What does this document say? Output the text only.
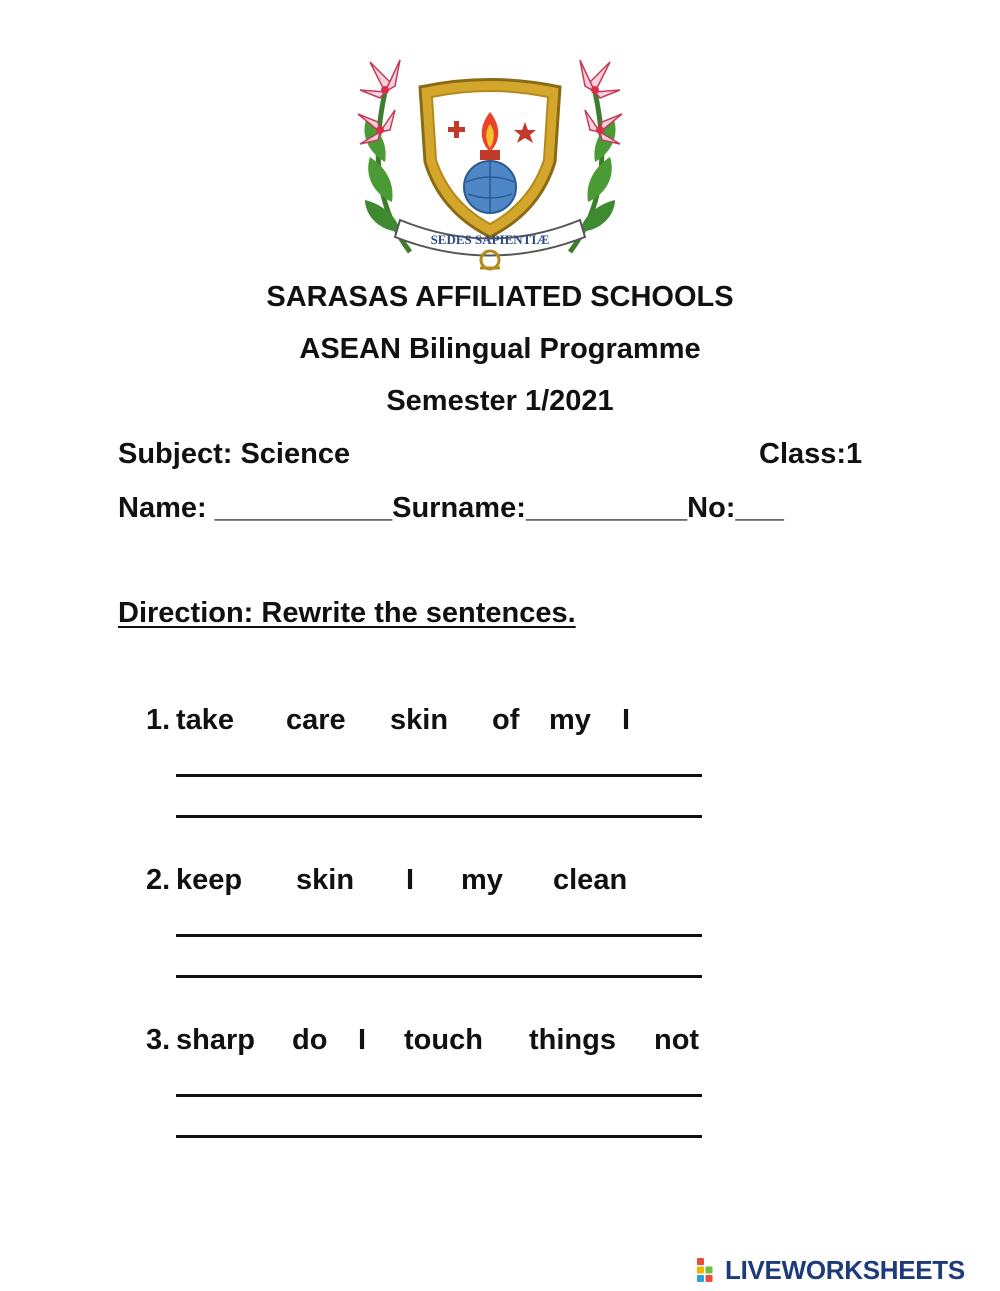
SEDES SAPIENTIÆ
SARASAS AFFILIATED SCHOOLS
ASEAN Bilingual Programme
Semester 1/2021
Subject: Science	Class:1
Name: ___________Surname:__________No:___
Direction: Rewrite the sentences.
1. take care skin of my I
2. keep skin I my clean
3. sharp do I touch things not
LIVEWORKSHEETS
